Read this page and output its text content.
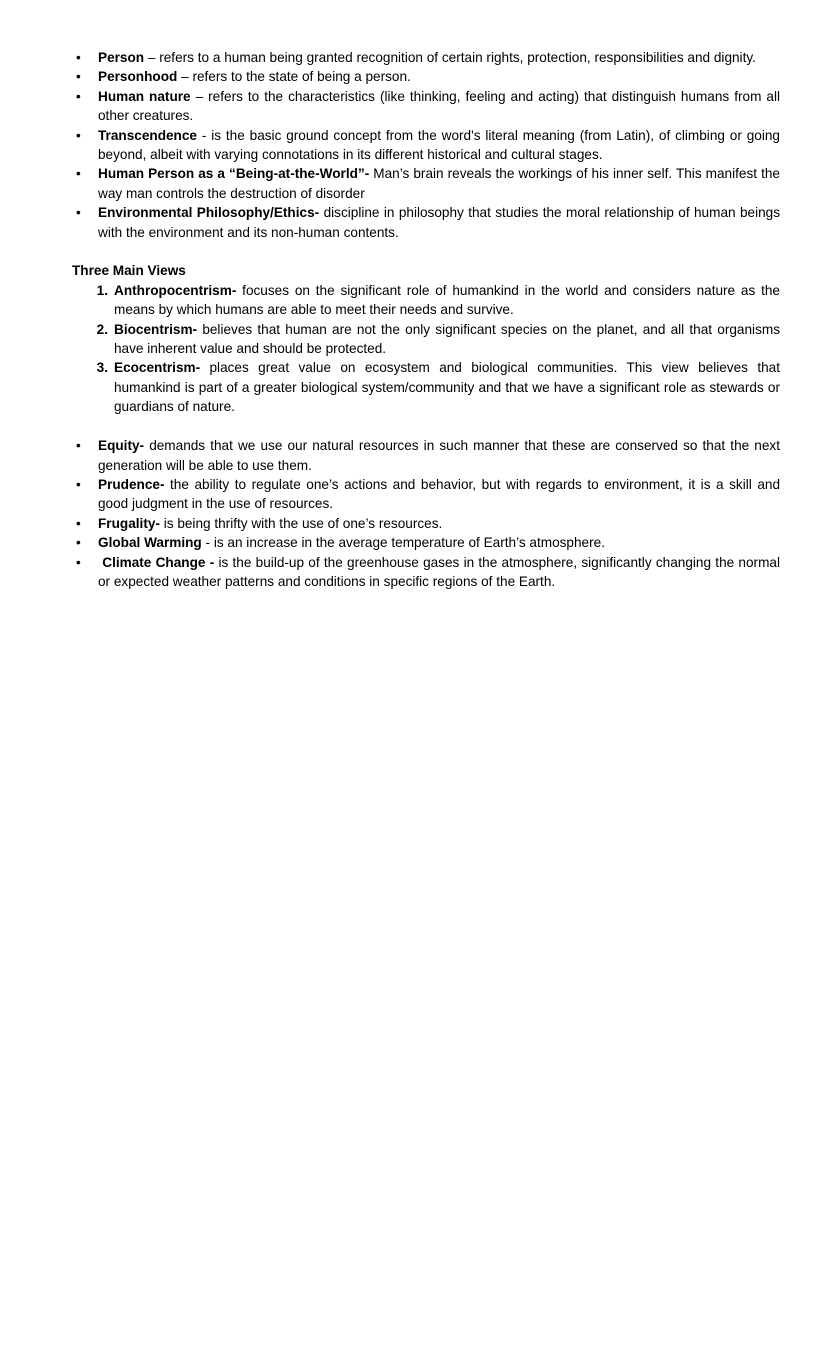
•	Person – refers to a human being granted recognition of certain rights, protection, responsibilities and dignity.
•	Personhood – refers to the state of being a person.
•	Human nature – refers to the characteristics (like thinking, feeling and acting) that distinguish humans from all other creatures.
•	Transcendence - is the basic ground concept from the word's literal meaning (from Latin), of climbing or going beyond, albeit with varying connotations in its different historical and cultural stages.
•	Human Person as a “Being-at-the-World”- Man’s brain reveals the workings of his inner self. This manifest the way man controls the destruction of disorder
•	Environmental Philosophy/Ethics- discipline in philosophy that studies the moral relationship of human beings with the environment and its non-human contents.
Three Main Views
1. Anthropocentrism- focuses on the significant role of humankind in the world and considers nature as the means by which humans are able to meet their needs and survive.
2. Biocentrism- believes that human are not the only significant species on the planet, and all that organisms have inherent value and should be protected.
3. Ecocentrism- places great value on ecosystem and biological communities. This view believes that humankind is part of a greater biological system/community and that we have a significant role as stewards or guardians of nature.
•	Equity- demands that we use our natural resources in such manner that these are conserved so that the next generation will be able to use them.
•	Prudence- the ability to regulate one’s actions and behavior, but with regards to environment, it is a skill and good judgment in the use of resources.
•	Frugality- is being thrifty with the use of one’s resources.
•	Global Warming - is an increase in the average temperature of Earth’s atmosphere.
•	Climate Change - is the build-up of the greenhouse gases in the atmosphere, significantly changing the normal or expected weather patterns and conditions in specific regions of the Earth.
